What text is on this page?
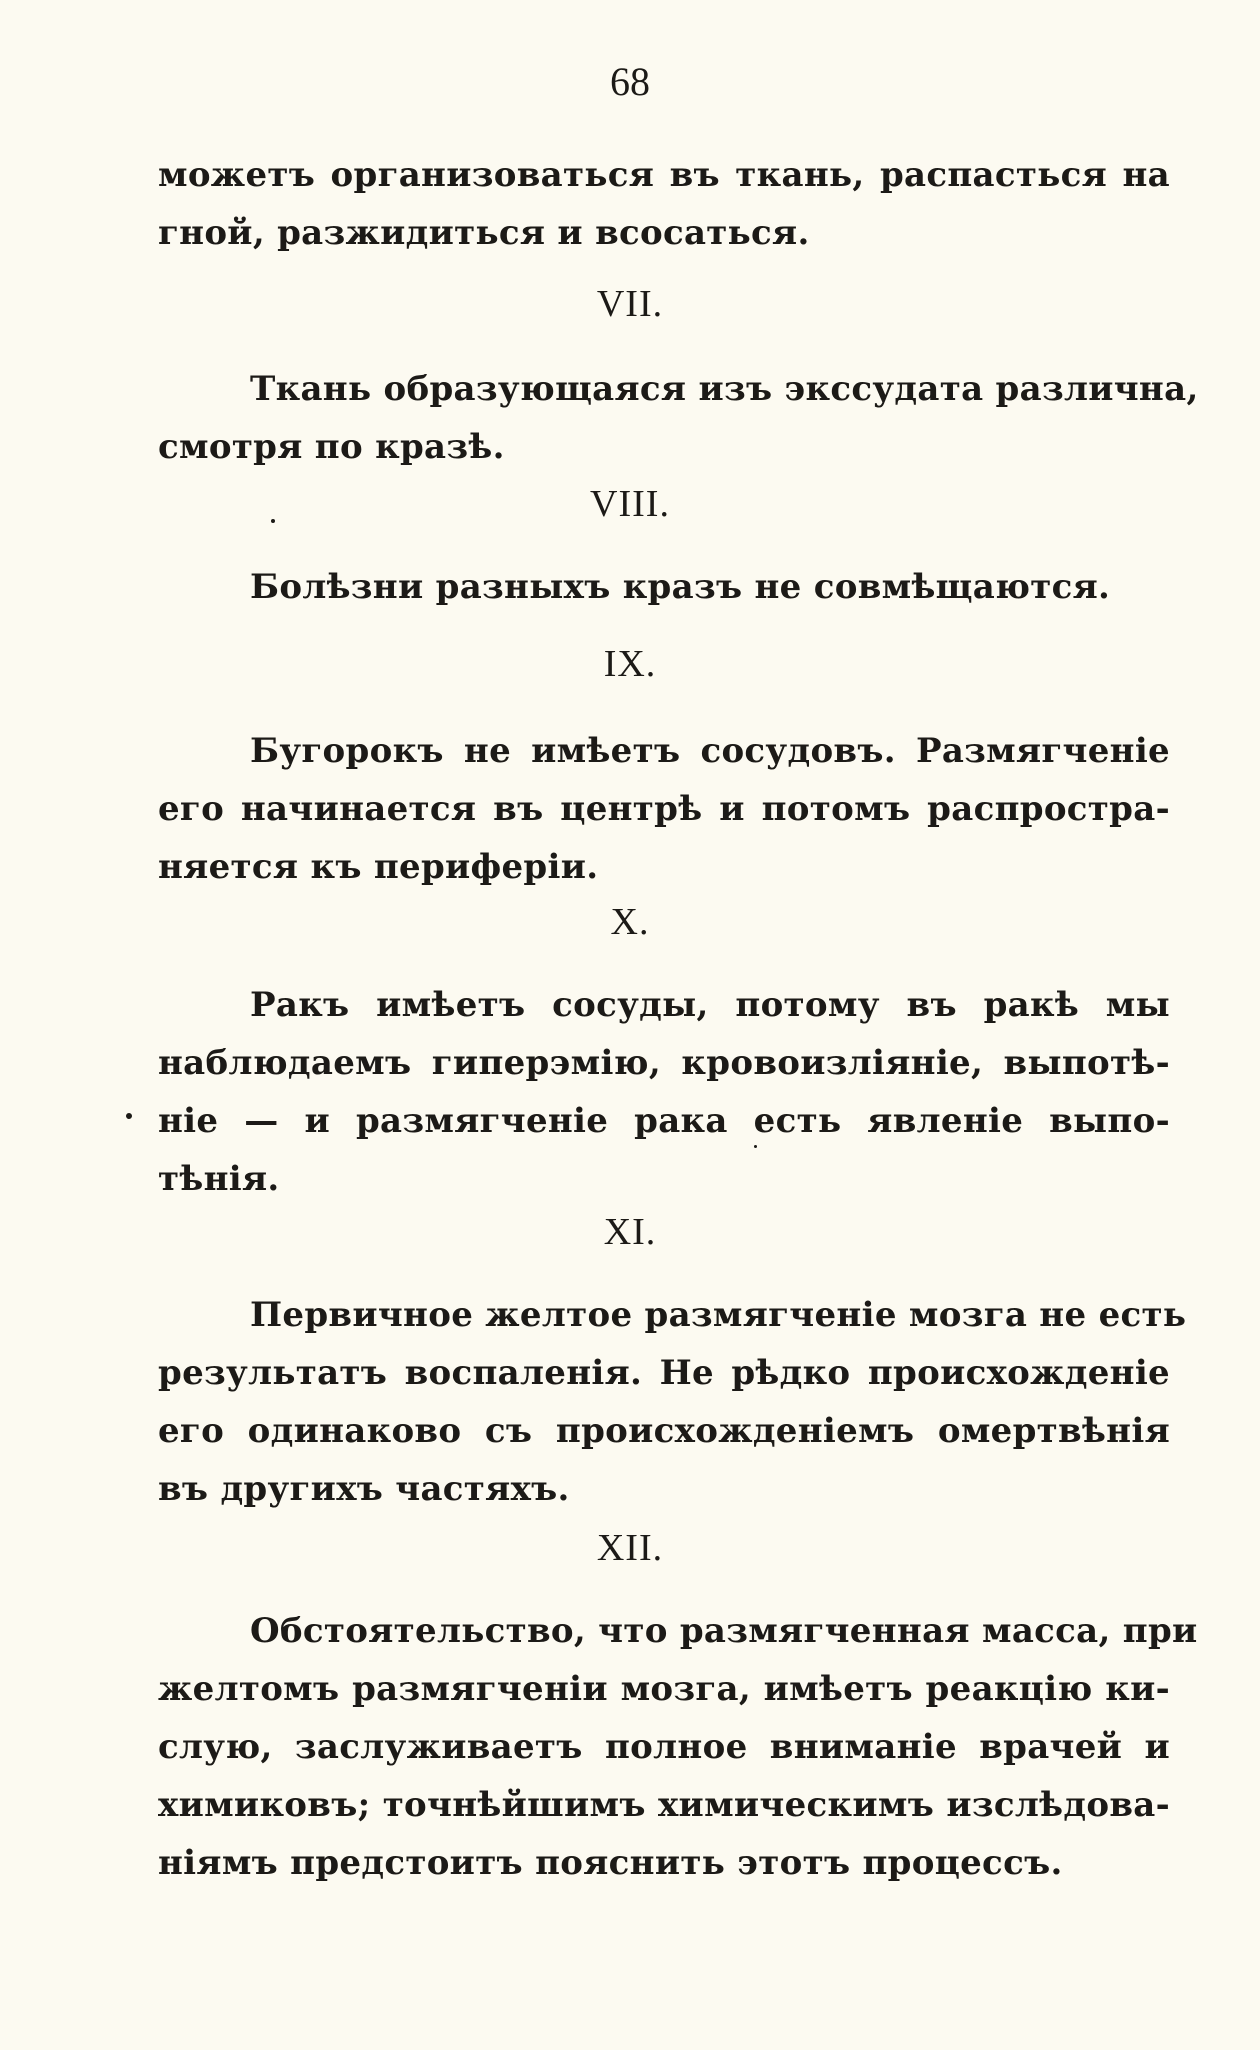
68
можетъ организоваться въ ткань, распасться на
гной, разжидиться и всосаться.
VII.
Ткань образующаяся изъ экссудата различна,
смотря по кразѣ.
VIII.
Болѣзни разныхъ кразъ не совмѣщаются.
IX.
Бугорокъ не имѣетъ сосудовъ. Размягченіе
его начинается въ центрѣ и потомъ распростра-
няется къ периферіи.
X.
Ракъ имѣетъ сосуды, потому въ ракѣ мы
наблюдаемъ гиперэмію, кровоизліяніе, выпотѣ-
ніе — и размягченіе рака есть явленіе выпо-
тѣнія.
XI.
Первичное желтое размягченіе мозга не есть
результатъ воспаленія. Не рѣдко происхожденіе
его одинаково съ происхожденіемъ омертвѣнія
въ другихъ частяхъ.
XII.
Обстоятельство, что размягченная масса, при
желтомъ размягченіи мозга, имѣетъ реакцію ки-
слую, заслуживаетъ полное вниманіе врачей и
химиковъ; точнѣйшимъ химическимъ изслѣдова-
ніямъ предстоитъ пояснить этотъ процессъ.
